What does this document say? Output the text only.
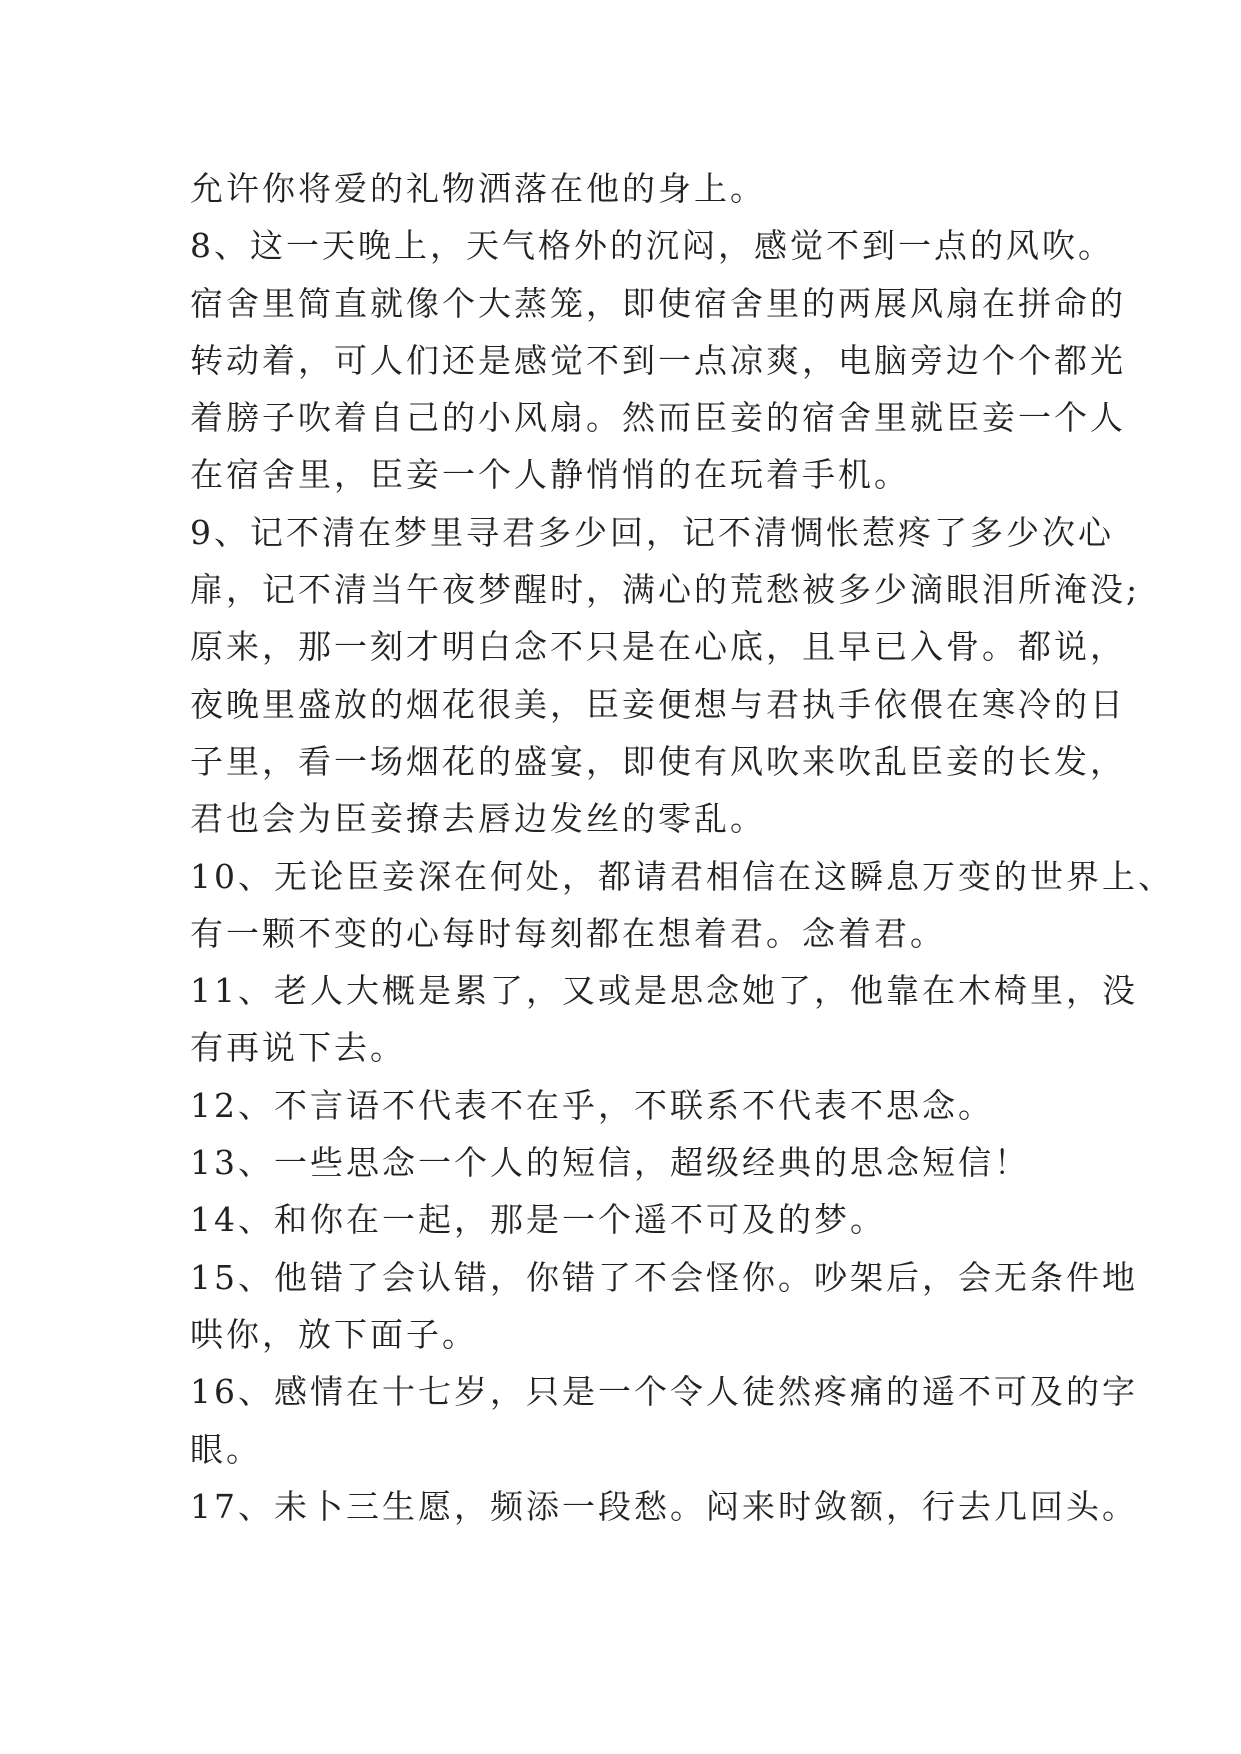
允许你将爱的礼物洒落在他的身上。
8、这一天晚上，天气格外的沉闷，感觉不到一点的风吹。
宿舍里简直就像个大蒸笼，即使宿舍里的两展风扇在拼命的
转动着，可人们还是感觉不到一点凉爽，电脑旁边个个都光
着膀子吹着自己的小风扇。然而臣妾的宿舍里就臣妾一个人
在宿舍里，臣妾一个人静悄悄的在玩着手机。
9、记不清在梦里寻君多少回，记不清惆怅惹疼了多少次心
扉，记不清当午夜梦醒时，满心的荒愁被多少滴眼泪所淹没;
原来，那一刻才明白念不只是在心底，且早已入骨。都说，
夜晚里盛放的烟花很美，臣妾便想与君执手依偎在寒冷的日
子里，看一场烟花的盛宴，即使有风吹来吹乱臣妾的长发，
君也会为臣妾撩去唇边发丝的零乱。
10、无论臣妾深在何处，都请君相信在这瞬息万变的世界上、
有一颗不变的心每时每刻都在想着君。念着君。
11、老人大概是累了，又或是思念她了，他靠在木椅里，没
有再说下去。
12、不言语不代表不在乎，不联系不代表不思念。
13、一些思念一个人的短信，超级经典的思念短信！
14、和你在一起，那是一个遥不可及的梦。
15、他错了会认错，你错了不会怪你。吵架后，会无条件地
哄你，放下面子。
16、感情在十七岁，只是一个令人徒然疼痛的遥不可及的字
眼。
17、未卜三生愿，频添一段愁。闷来时敛额，行去几回头。
